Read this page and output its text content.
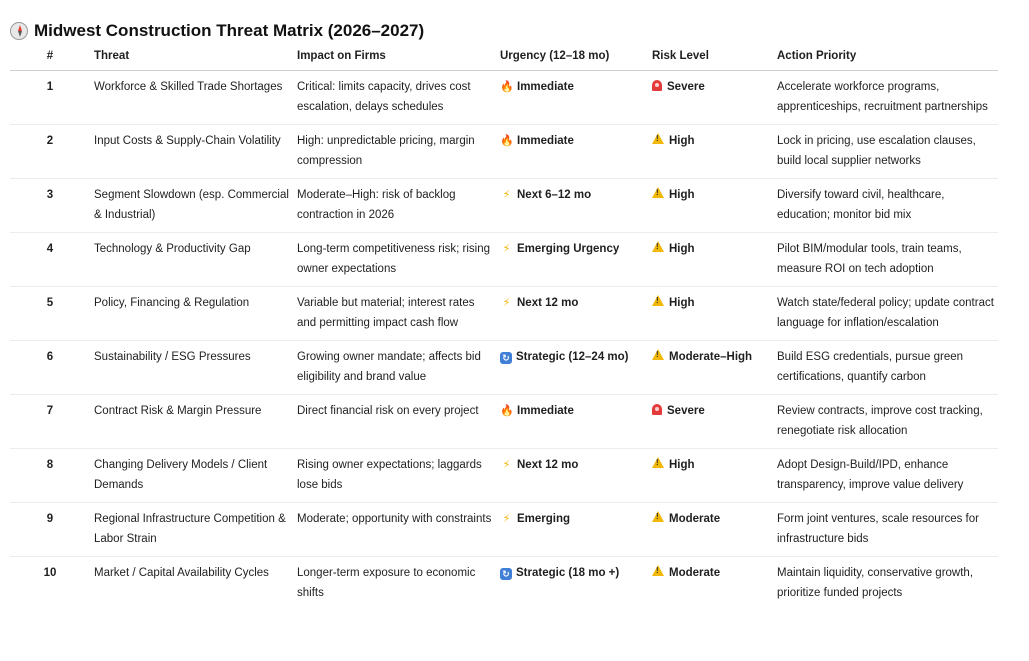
Midwest Construction Threat Matrix (2026–2027)
#	Threat	Impact on Firms	Urgency (12–18 mo)	Risk Level	Action Priority
1	Workforce & Skilled Trade Shortages	Critical: limits capacity, drives cost escalation, delays schedules	🔥 Immediate	Severe	Accelerate workforce programs, apprenticeships, recruitment partnerships
2	Input Costs & Supply-Chain Volatility	High: unpredictable pricing, margin compression	🔥 Immediate	!High	Lock in pricing, use escalation clauses, build local supplier networks
3	Segment Slowdown (esp. Commercial & Industrial)	Moderate–High: risk of backlog contraction in 2026	⚡ Next 6–12 mo	!High	Diversify toward civil, healthcare, education; monitor bid mix
4	Technology & Productivity Gap	Long-term competitiveness risk; rising owner expectations	⚡ Emerging Urgency	!High	Pilot BIM/modular tools, train teams, measure ROI on tech adoption
5	Policy, Financing & Regulation	Variable but material; interest rates and permitting impact cash flow	⚡ Next 12 mo	!High	Watch state/federal policy; update contract language for inflation/escalation
6	Sustainability / ESG Pressures	Growing owner mandate; affects bid eligibility and brand value	↻ Strategic (12–24 mo)	!Moderate–High	Build ESG credentials, pursue green certifications, quantify carbon
7	Contract Risk & Margin Pressure	Direct financial risk on every project	🔥 Immediate	Severe	Review contracts, improve cost tracking, renegotiate risk allocation
8	Changing Delivery Models / Client Demands	Rising owner expectations; laggards lose bids	⚡ Next 12 mo	!High	Adopt Design-Build/IPD, enhance transparency, improve value delivery
9	Regional Infrastructure Competition & Labor Strain	Moderate; opportunity with constraints	⚡ Emerging	!Moderate	Form joint ventures, scale resources for infrastructure bids
10	Market / Capital Availability Cycles	Longer-term exposure to economic shifts	↻ Strategic (18 mo +)	!Moderate	Maintain liquidity, conservative growth, prioritize funded projects
